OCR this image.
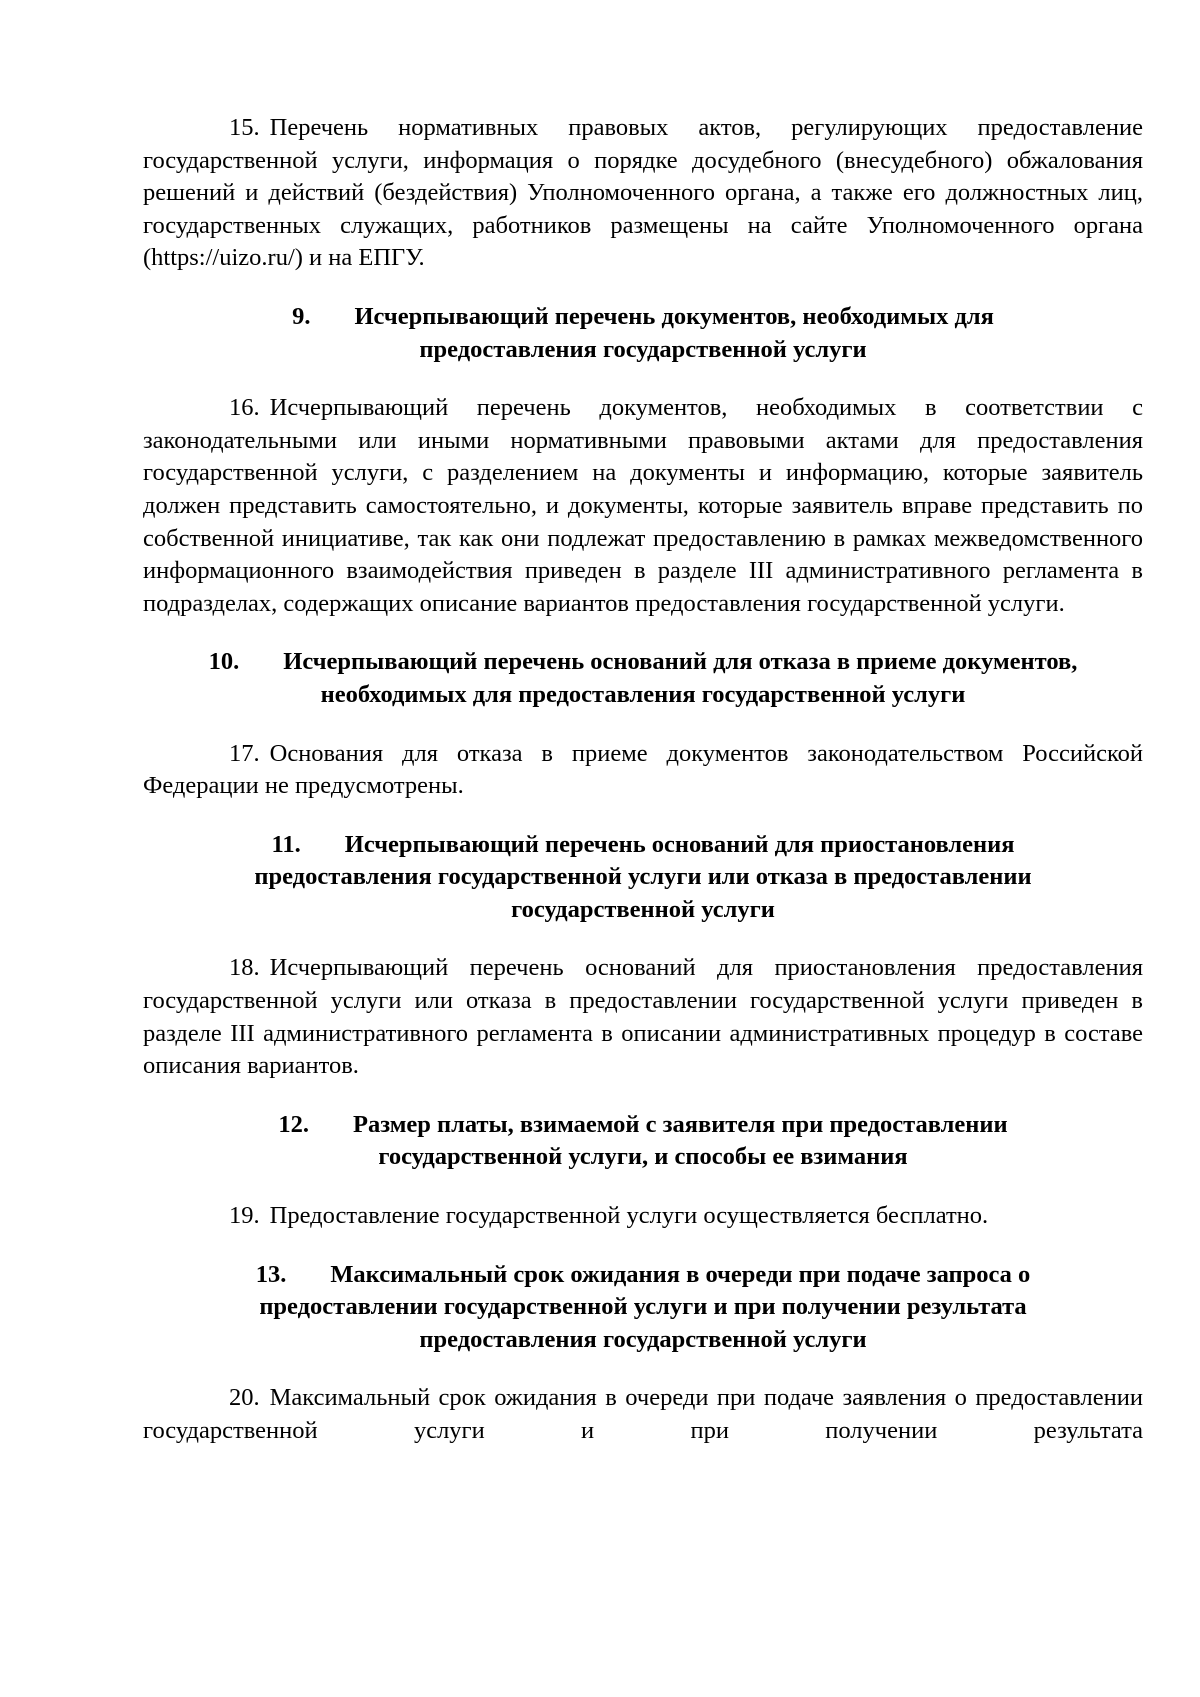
15. Перечень нормативных правовых актов, регулирующих предоставление государственной услуги, информация о порядке досудебного (внесудебного) обжалования решений и действий (бездействия) Уполномоченного органа, а также его должностных лиц, государственных служащих, работников размещены на сайте Уполномоченного органа (https://uizo.ru/) и на ЕПГУ.

9. Исчерпывающий перечень документов, необходимых для
предоставления государственной услуги

16. Исчерпывающий перечень документов, необходимых в соответствии с законодательными или иными нормативными правовыми актами для предоставления государственной услуги, с разделением на документы и информацию, которые заявитель должен представить самостоятельно, и документы, которые заявитель вправе представить по собственной инициативе, так как они подлежат предоставлению в рамках межведомственного информационного взаимодействия приведен в разделе III административного регламента в подразделах, содержащих описание вариантов предоставления государственной услуги.

10. Исчерпывающий перечень оснований для отказа в приеме документов,
необходимых для предоставления государственной услуги

17. Основания для отказа в приеме документов законодательством Российской Федерации не предусмотрены.

11. Исчерпывающий перечень оснований для приостановления
предоставления государственной услуги или отказа в предоставлении
государственной услуги

18. Исчерпывающий перечень оснований для приостановления предоставления государственной услуги или отказа в предоставлении государственной услуги приведен в разделе III административного регламента в описании административных процедур в составе описания вариантов.

12. Размер платы, взимаемой с заявителя при предоставлении
государственной услуги, и способы ее взимания

19. Предоставление государственной услуги осуществляется бесплатно.

13. Максимальный срок ожидания в очереди при подаче запроса о
предоставлении государственной услуги и при получении результата
предоставления государственной услуги

20. Максимальный срок ожидания в очереди при подаче заявления о предоставлении государственной услуги и при получении результата
